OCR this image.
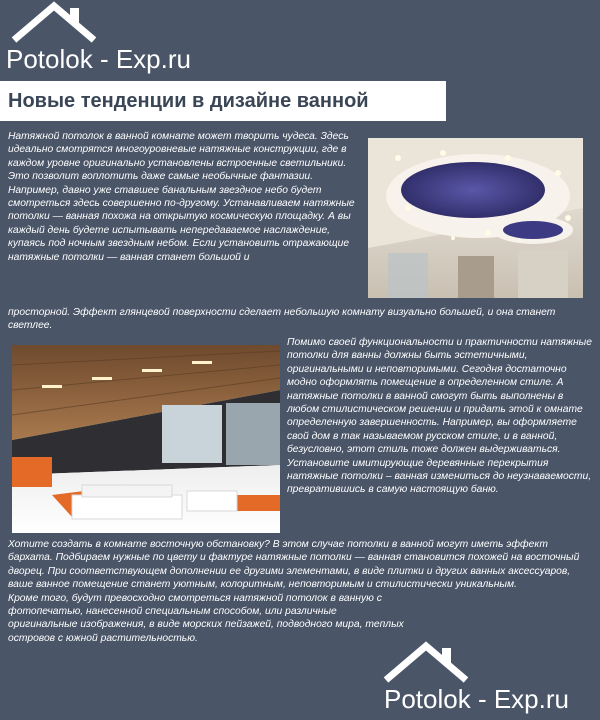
Potolok - Exp.ru
Новые тенденции в дизайне ванной

Натяжной потолок в ванной комнате может творить чудеса. Здесь идеально смотрятся многоуровневые натяжные конструкции, где в каждом уровне оригинально установлены встроенные светильники. Это позволит воплотить даже самые необычные фантазии. Например, давно уже ставшее банальным звездное небо будет смотреться здесь совершенно по-другому. Устанавливаем натяжные потолки — ванная похожа на открытую космическую площадку. А вы каждый день будете испытывать непередаваемое наслаждение, купаясь под ночным звездным небом. Если установить отражающие натяжные потолки — ванная станет большой и

просторной. Эффект глянцевой поверхности сделает небольшую комнату визуально большей, и она станет светлее.

Помимо своей функциональности и практичности натяжные потолки для ванны должны быть эстетичными, оригинальными и неповторимыми. Сегодня достаточно модно оформлять помещение в определенном стиле. А натяжные потолки в ванной смогут быть выполнены в любом стилистическом решении и придать этой к омнате определенную завершенность. Например, вы оформляете свой дом в так называемом русском стиле, и в ванной, безусловно, этот стиль тоже должен выдерживаться. Установите имитирующие деревянные перекрытия натяжные потолки – ванная измениться до неузнаваемости, превратившись в самую настоящую баню.

Хотите создать в комнате восточную обстановку? В этом случае потолки в ванной могут иметь эффект бархата. Подбираем нужные по цвету и фактуре натяжные потолки — ванная становится похожей на восточный дворец. При соответствующем дополнении ее другими элементами, в виде плитки и других ванных аксессуаров, ваше ванное помещение станет уютным, колоритным, неповторимым и стилистически уникальным.
Кроме того, будут превосходно смотреться натяжной потолок в ванную с фотопечатью, нанесенной специальным способом, или различные оригинальные изображения, в виде морских пейзажей, подводного мира, теплых островов с южной растительностью.
Potolok - Exp.ru
